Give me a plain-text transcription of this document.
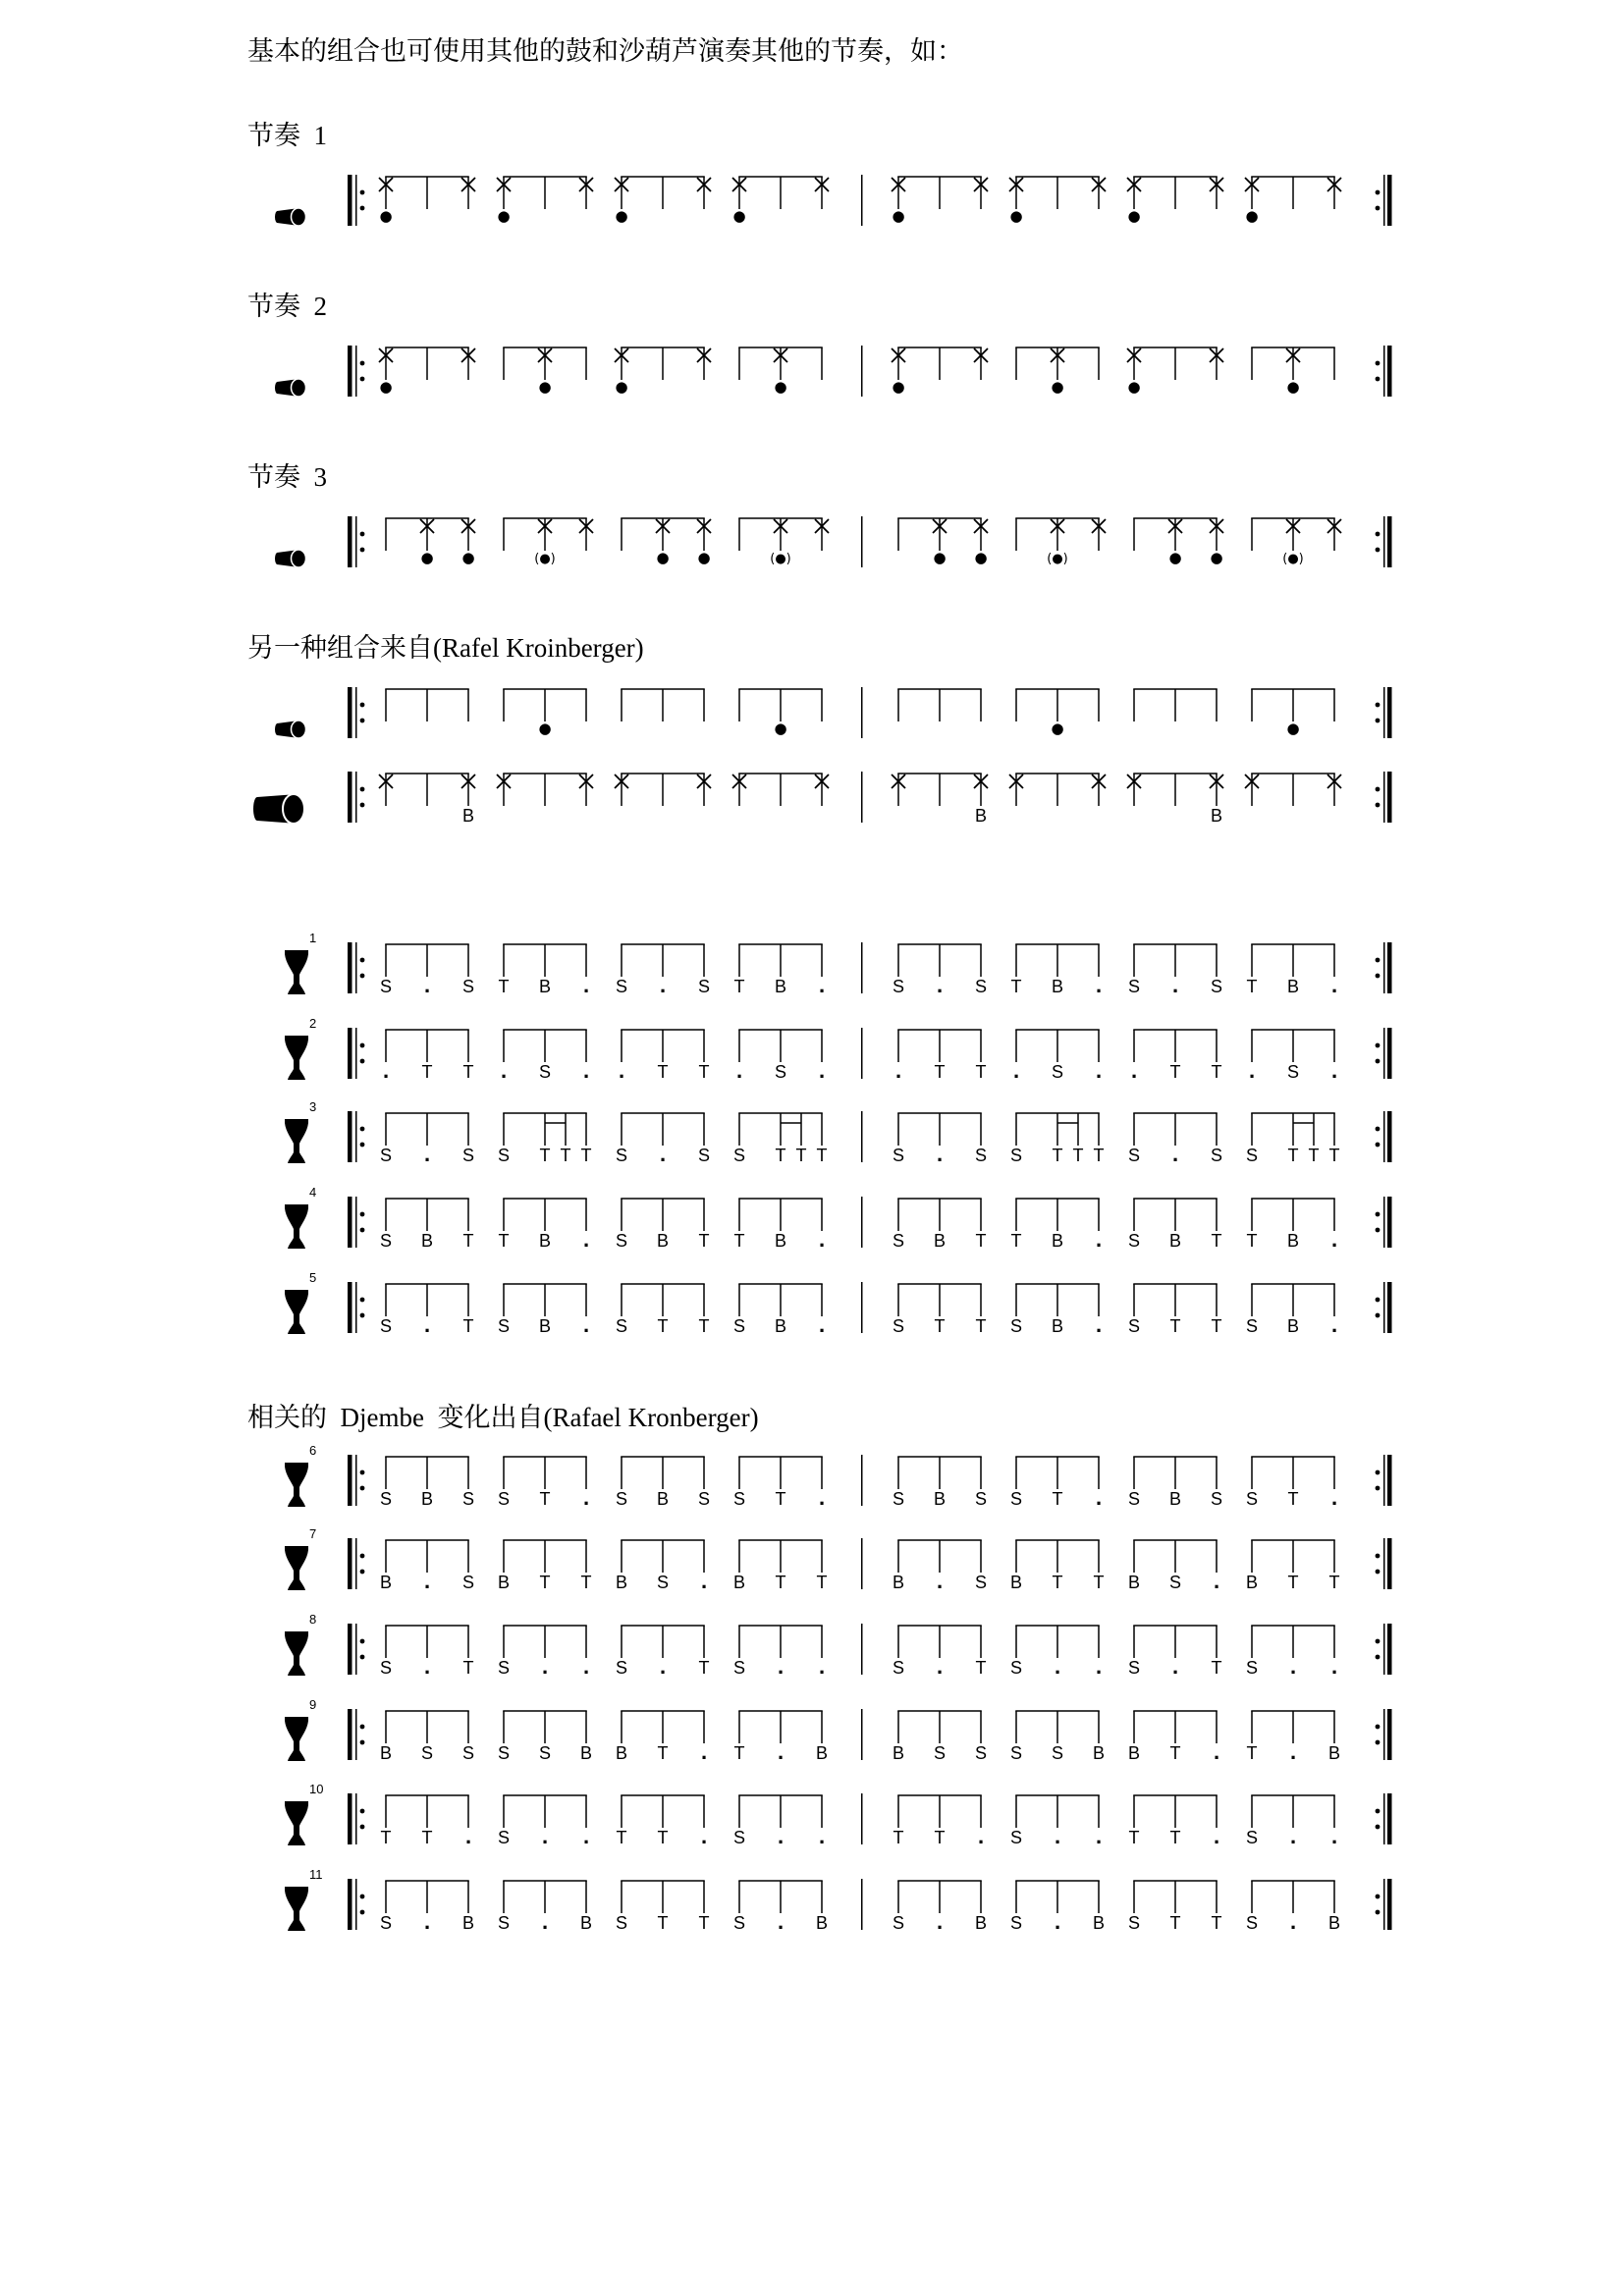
基本的组合也可使用其他的鼓和沙葫芦演奏其他的节奏，如：
节奏  1
●	●	●	●	●	●	●	●
节奏  2
●	●	●	●	●	●	●	●
节奏  3
● ●	(●)	● ●	(●)	● ●	(●)	● ●	(●)
另一种组合来自(Rafel Kroinberger)
●	●	●	●
B	B	B
1
S . S T B . S . S T B .	S . S T B . S . S T B .
2
. T T . S . . T T . S .	. T T . S . . T T . S .
3
S . S S T T T S . S S T T T	S . S S T T T S . S S T T T
4
S B T T B . S B T T B .	S B T T B . S B T T B .
5
S . T S B . S T T S B .	S T T S B . S T T S B .
相关的  Djembe  变化出自(Rafael Kronberger)
6
S B S S T . S B S S T .	S B S S T . S B S S T .
7
B . S B T T B S . B T T	B . S B T T B S . B T T
8
S . T S . . S . T S . .	S . T S . . S . T S . .
9
B S S S S B B T . T . B	B S S S S B B T . T . B
10
T T . S . . T T . S . .	T T . S . . T T . S . .
11
S . B S . B S T T S . B	S . B S . B S T T S . B
